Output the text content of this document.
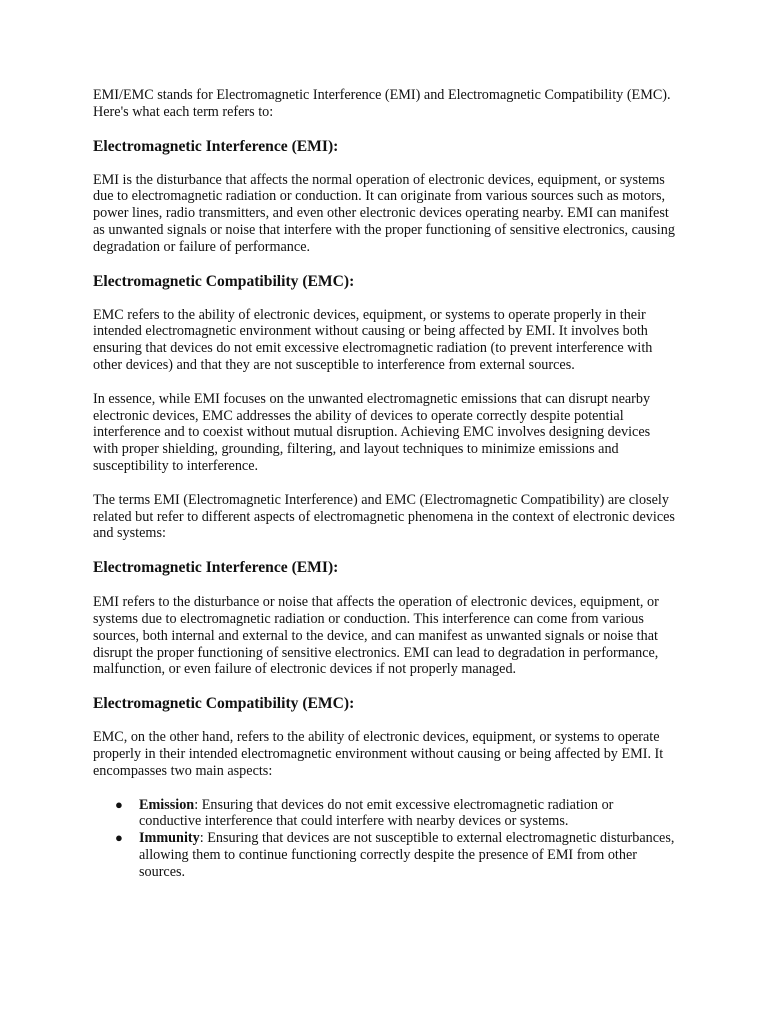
EMI/EMC stands for Electromagnetic Interference (EMI) and Electromagnetic Compatibility (EMC). Here's what each term refers to:

Electromagnetic Interference (EMI):

EMI is the disturbance that affects the normal operation of electronic devices, equipment, or systems due to electromagnetic radiation or conduction. It can originate from various sources such as motors, power lines, radio transmitters, and even other electronic devices operating nearby. EMI can manifest as unwanted signals or noise that interfere with the proper functioning of sensitive electronics, causing degradation or failure of performance.

Electromagnetic Compatibility (EMC):

EMC refers to the ability of electronic devices, equipment, or systems to operate properly in their intended electromagnetic environment without causing or being affected by EMI. It involves both ensuring that devices do not emit excessive electromagnetic radiation (to prevent interference with other devices) and that they are not susceptible to interference from external sources.

In essence, while EMI focuses on the unwanted electromagnetic emissions that can disrupt nearby electronic devices, EMC addresses the ability of devices to operate correctly despite potential interference and to coexist without mutual disruption. Achieving EMC involves designing devices with proper shielding, grounding, filtering, and layout techniques to minimize emissions and susceptibility to interference.

The terms EMI (Electromagnetic Interference) and EMC (Electromagnetic Compatibility) are closely related but refer to different aspects of electromagnetic phenomena in the context of electronic devices and systems:

Electromagnetic Interference (EMI):

EMI refers to the disturbance or noise that affects the operation of electronic devices, equipment, or systems due to electromagnetic radiation or conduction. This interference can come from various sources, both internal and external to the device, and can manifest as unwanted signals or noise that disrupt the proper functioning of sensitive electronics. EMI can lead to degradation in performance, malfunction, or even failure of electronic devices if not properly managed.

Electromagnetic Compatibility (EMC):

EMC, on the other hand, refers to the ability of electronic devices, equipment, or systems to operate properly in their intended electromagnetic environment without causing or being affected by EMI. It encompasses two main aspects:

● Emission: Ensuring that devices do not emit excessive electromagnetic radiation or conductive interference that could interfere with nearby devices or systems.
● Immunity: Ensuring that devices are not susceptible to external electromagnetic disturbances, allowing them to continue functioning correctly despite the presence of EMI from other sources.
